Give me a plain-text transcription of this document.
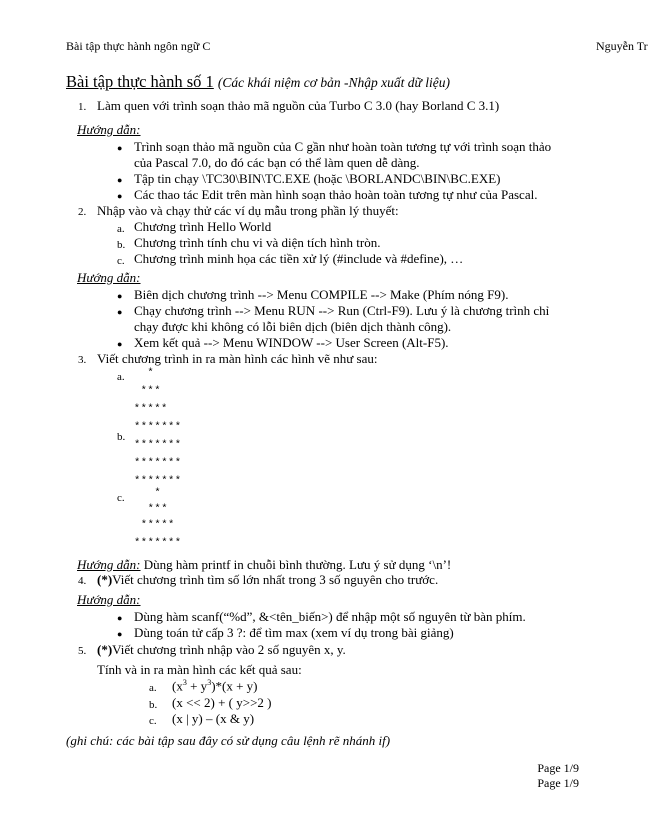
Bài tập thực hành ngôn ngữ C	Nguyễn Tr
Bài tập thực hành số 1 (Các khái niệm cơ bản -Nhập xuất dữ liệu)
1. Làm quen với trình soạn thảo mã nguồn của Turbo C 3.0 (hay Borland C 3.1)
Hướng dẫn:
● Trình soạn thảo mã nguồn của C gần như hoàn toàn tương tự với trình soạn thảo
của Pascal 7.0, do đó các bạn có thể làm quen dễ dàng.
● Tập tin chạy \TC30\BIN\TC.EXE (hoặc \BORLANDC\BIN\BC.EXE)
● Các thao tác Edit trên màn hình soạn thảo hoàn toàn tương tự như của Pascal.
2. Nhập vào và chạy thử các ví dụ mẫu trong phần lý thuyết:
a. Chương trình Hello World
b. Chương trình tính chu vi và diện tích hình tròn.
c. Chương trình minh họa các tiền xử lý (#include và #define), …
Hướng dẫn:
● Biên dịch chương trình --> Menu COMPILE --> Make (Phím nóng F9).
● Chạy chương trình --> Menu RUN --> Run (Ctrl-F9). Lưu ý là chương trình chỉ
chạy được khi không có lỗi biên dịch (biên dịch thành công).
● Xem kết quả --> Menu WINDOW --> User Screen (Alt-F5).
3. Viết chương trình in ra màn hình các hình vẽ như sau:
a. *
***
*****
*******
b.
*******
*******
*******
c. *
***
*****
*******
Hướng dẫn: Dùng hàm printf in chuỗi bình thường. Lưu ý sử dụng ‘\n’!
4. (*)Viết chương trình tìm số lớn nhất trong 3 số nguyên cho trước.
Hướng dẫn:
● Dùng hàm scanf(“%d”, &<tên_biến>) để nhập một số nguyên từ bàn phím.
● Dùng toán tử cấp 3 ?: để tìm max (xem ví dụ trong bài giảng)
5. (*)Viết chương trình nhập vào 2 số nguyên x, y.
Tính và in ra màn hình các kết quả sau:
a. $(x^3 + y^3)*(x + y)$
b. (x << 2) + ( y>>2 )
c. (x | y) – (x & y)
(ghi chú: các bài tập sau đây có sử dụng câu lệnh rẽ nhánh if)
Page 1/9
Page 1/9
